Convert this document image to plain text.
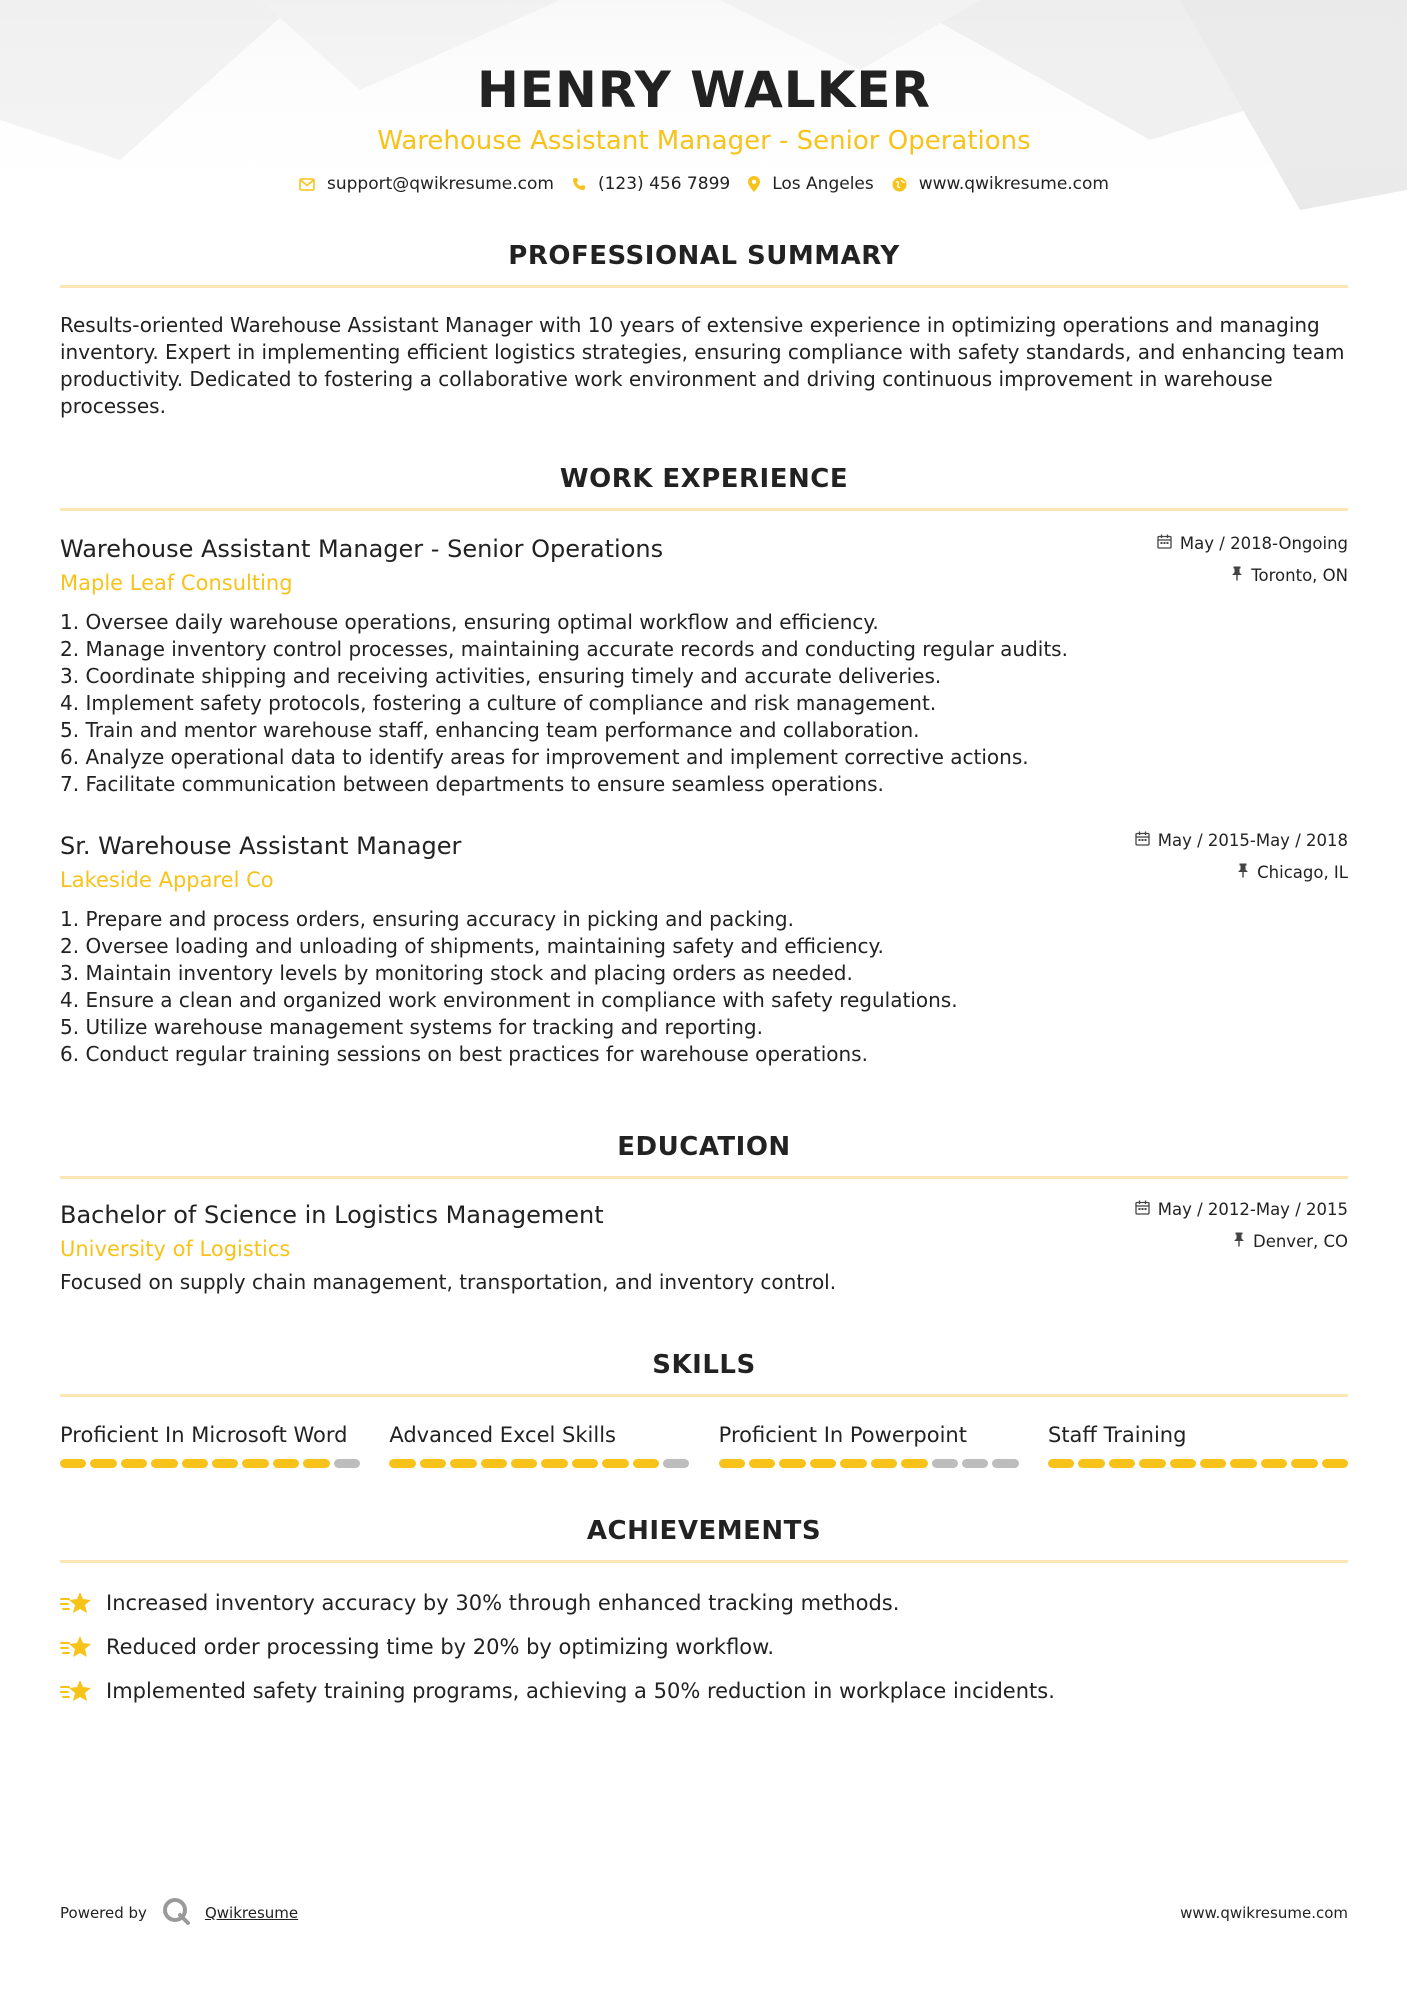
HENRY WALKER
Warehouse Assistant Manager - Senior Operations
support@qwikresume.com	(123) 456 7899 Los Angeles	www.qwikresume.com
PROFESSIONAL SUMMARY
Results-oriented Warehouse Assistant Manager with 10 years of extensive experience in optimizing operations and managing inventory. Expert in implementing efficient logistics strategies, ensuring compliance with safety standards, and enhancing team productivity. Dedicated to fostering a collaborative work environment and driving continuous improvement in warehouse processes.
WORK EXPERIENCE
Warehouse Assistant Manager - Senior Operations
Maple Leaf Consulting
May / 2018-Ongoing
Toronto, ON
1. Oversee daily warehouse operations, ensuring optimal workflow and efficiency.
2. Manage inventory control processes, maintaining accurate records and conducting regular audits.
3. Coordinate shipping and receiving activities, ensuring timely and accurate deliveries.
4. Implement safety protocols, fostering a culture of compliance and risk management.
5. Train and mentor warehouse staff, enhancing team performance and collaboration.
6. Analyze operational data to identify areas for improvement and implement corrective actions.
7. Facilitate communication between departments to ensure seamless operations.
Sr. Warehouse Assistant Manager
Lakeside Apparel Co
May / 2015-May / 2018
Chicago, IL
1. Prepare and process orders, ensuring accuracy in picking and packing.
2. Oversee loading and unloading of shipments, maintaining safety and efficiency.
3. Maintain inventory levels by monitoring stock and placing orders as needed.
4. Ensure a clean and organized work environment in compliance with safety regulations.
5. Utilize warehouse management systems for tracking and reporting.
6. Conduct regular training sessions on best practices for warehouse operations.
EDUCATION
Bachelor of Science in Logistics Management
University of Logistics
May / 2012-May / 2015
Denver, CO
Focused on supply chain management, transportation, and inventory control.
SKILLS
Proficient In Microsoft Word	Advanced Excel Skills	Proficient In Powerpoint	Staff Training
ACHIEVEMENTS
Increased inventory accuracy by 30% through enhanced tracking methods.
Reduced order processing time by 20% by optimizing workflow.
Implemented safety training programs, achieving a 50% reduction in workplace incidents.
Powered by	Qwikresume	www.qwikresume.com
